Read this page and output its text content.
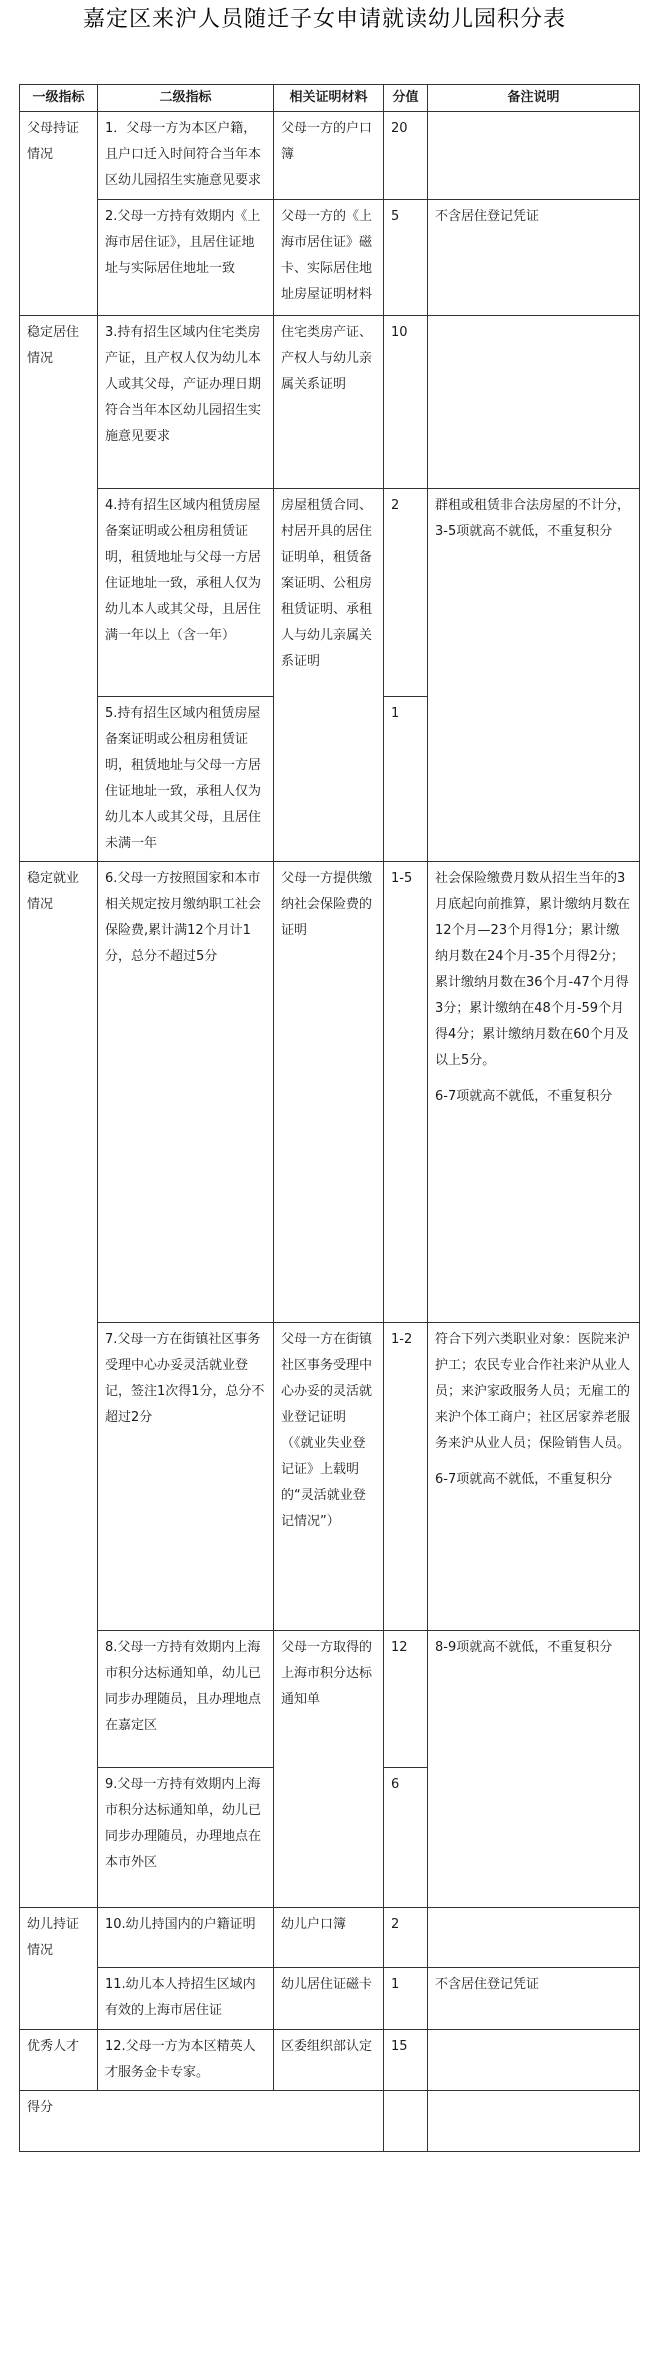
嘉定区来沪人员随迁子女申请就读幼儿园积分表
一级指标	二级指标	相关证明材料	分值	备注说明
父母持证情况	1．父母一方为本区户籍，且户口迁入时间符合当年本区幼儿园招生实施意见要求	父母一方的户口簿	20	
	2.父母一方持有效期内《上海市居住证》，且居住证地址与实际居住地址一致	父母一方的《上海市居住证》磁卡、实际居住地址房屋证明材料	5	不含居住登记凭证
稳定居住情况	3.持有招生区域内住宅类房产证，且产权人仅为幼儿本人或其父母，产证办理日期符合当年本区幼儿园招生实施意见要求	住宅类房产证、产权人与幼儿亲属关系证明	10	
	4.持有招生区域内租赁房屋备案证明或公租房租赁证明，租赁地址与父母一方居住证地址一致，承租人仅为幼儿本人或其父母，且居住满一年以上（含一年）	房屋租赁合同、村居开具的居住证明单，租赁备案证明、公租房租赁证明、承租人与幼儿亲属关系证明	2	群租或租赁非合法房屋的不计分，3-5项就高不就低，不重复积分
	5.持有招生区域内租赁房屋备案证明或公租房租赁证明，租赁地址与父母一方居住证地址一致，承租人仅为幼儿本人或其父母，且居住未满一年		1	
稳定就业情况	6.父母一方按照国家和本市相关规定按月缴纳职工社会保险费,累计满12个月计1分，总分不超过5分	父母一方提供缴纳社会保险费的证明	1-5	社会保险缴费月数从招生当年的3月底起向前推算，累计缴纳月数在12个月—23个月得1分；累计缴纳月数在24个月-35个月得2分；累计缴纳月数在36个月-47个月得3分；累计缴纳在48个月-59个月得4分；累计缴纳月数在60个月及以上5分。
6-7项就高不就低，不重复积分

	7.父母一方在街镇社区事务受理中心办妥灵活就业登记，签注1次得1分，总分不超过2分	父母一方在街镇社区事务受理中心办妥的灵活就业登记证明（《就业失业登记证》上载明的“灵活就业登记情况”）	1-2	符合下列六类职业对象：医院来沪护工；农民专业合作社来沪从业人员；来沪家政服务人员；无雇工的来沪个体工商户；社区居家养老服务来沪从业人员；保险销售人员。
6-7项就高不就低，不重复积分

	8.父母一方持有效期内上海市积分达标通知单，幼儿已同步办理随员，且办理地点在嘉定区	父母一方取得的上海市积分达标通知单	12	8-9项就高不就低，不重复积分
	9.父母一方持有效期内上海市积分达标通知单，幼儿已同步办理随员，办理地点在本市外区		6	
幼儿持证情况	10.幼儿持国内的户籍证明	幼儿户口簿	2	
	11.幼儿本人持招生区域内有效的上海市居住证	幼儿居住证磁卡	1	不含居住登记凭证
优秀人才	12.父母一方为本区精英人才服务金卡专家。	区委组织部认定	15	
得分				
